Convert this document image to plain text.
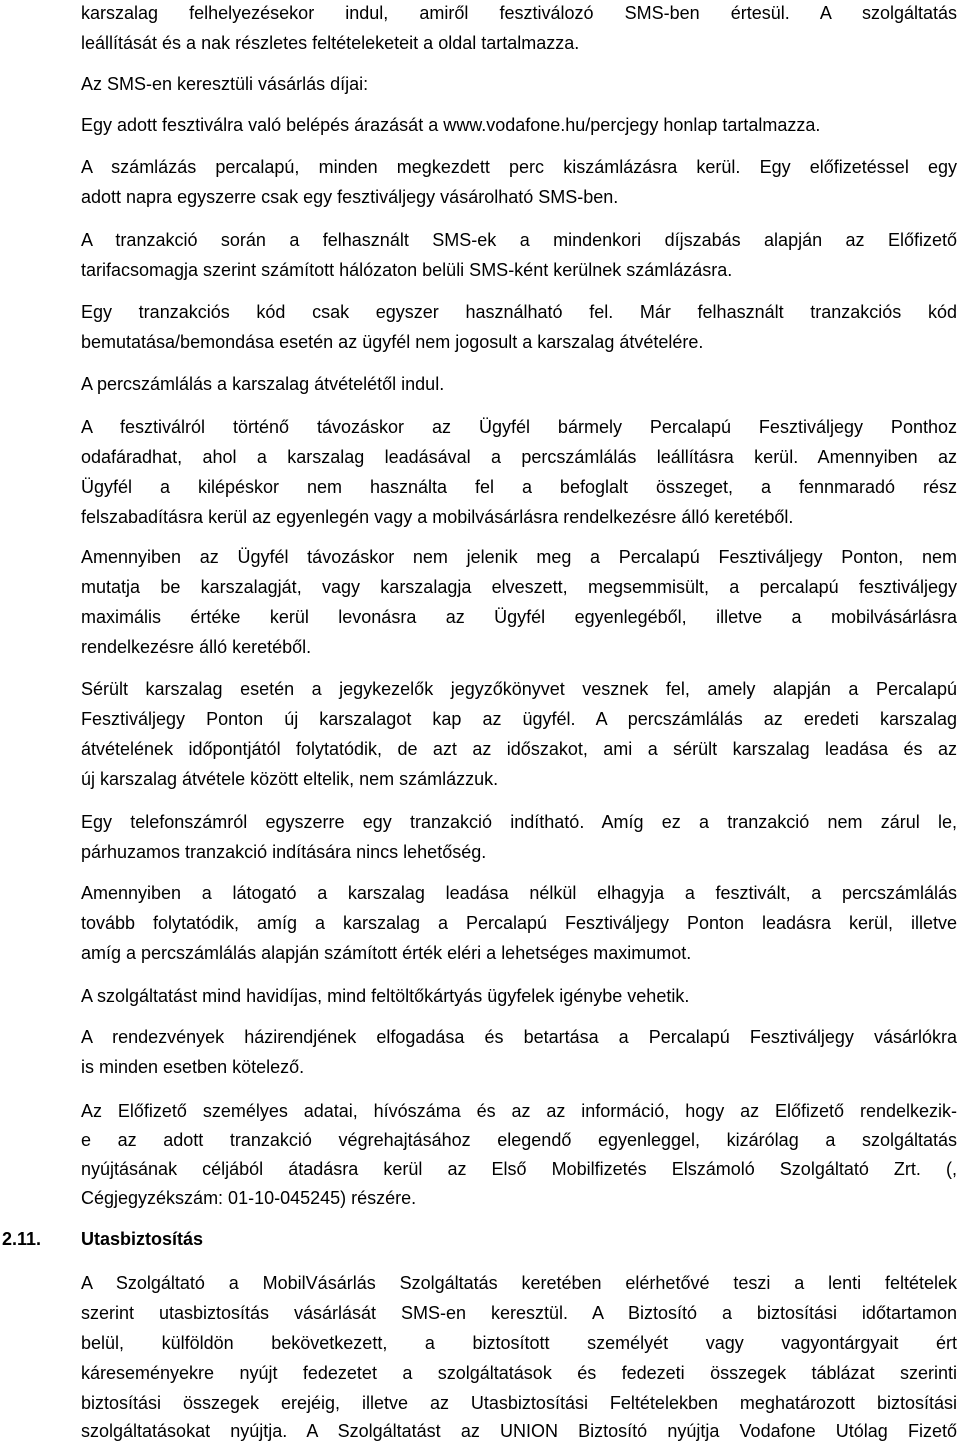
karszalag felhelyezésekor indul, amiről fesztiválozó SMS-ben értesül. A szolgáltatás
leállítását és a nak részletes feltételeketeit a oldal tartalmazza.
Az SMS-en keresztüli vásárlás díjai:
Egy adott fesztiválra való belépés árazását a www.vodafone.hu/percjegy honlap tartalmazza.
A számlázás percalapú, minden megkezdett perc kiszámlázásra kerül. Egy előfizetéssel egy
adott napra egyszerre csak egy fesztiváljegy vásárolható SMS-ben.
A tranzakció során a felhasznált SMS-ek a mindenkori díjszabás alapján az Előfizető
tarifacsomagja szerint számított hálózaton belüli SMS-ként kerülnek számlázásra.
Egy tranzakciós kód csak egyszer használható fel. Már felhasznált tranzakciós kód
bemutatása/bemondása esetén az ügyfél nem jogosult a karszalag átvételére.
A percszámlálás a karszalag átvételétől indul.
A fesztiválról történő távozáskor az Ügyfél bármely Percalapú Fesztiváljegy Ponthoz
odafáradhat, ahol a karszalag leadásával a percszámlálás leállításra kerül. Amennyiben az
Ügyfél a kilépéskor nem használta fel a befoglalt összeget, a fennmaradó rész
felszabadításra kerül az egyenlegén vagy a mobilvásárlásra rendelkezésre álló keretéből.
Amennyiben az Ügyfél távozáskor nem jelenik meg a Percalapú Fesztiváljegy Ponton, nem
mutatja be karszalagját, vagy karszalagja elveszett, megsemmisült, a percalapú fesztiváljegy
maximális értéke kerül levonásra az Ügyfél egyenlegéből, illetve a mobilvásárlásra
rendelkezésre álló keretéből.
Sérült karszalag esetén a jegykezelők jegyzőkönyvet vesznek fel, amely alapján a Percalapú
Fesztiváljegy Ponton új karszalagot kap az ügyfél. A percszámlálás az eredeti karszalag
átvételének időpontjától folytatódik, de azt az időszakot, ami a sérült karszalag leadása és az
új karszalag átvétele között eltelik, nem számlázzuk.
Egy telefonszámról egyszerre egy tranzakció indítható. Amíg ez a tranzakció nem zárul le,
párhuzamos tranzakció indítására nincs lehetőség.
Amennyiben a látogató a karszalag leadása nélkül elhagyja a fesztivált, a percszámlálás
tovább folytatódik, amíg a karszalag a Percalapú Fesztiváljegy Ponton leadásra kerül, illetve
amíg a percszámlálás alapján számított érték eléri a lehetséges maximumot.
A szolgáltatást mind havidíjas, mind feltöltőkártyás ügyfelek igénybe vehetik.
A rendezvények házirendjének elfogadása és betartása a Percalapú Fesztiváljegy vásárlókra
is minden esetben kötelező.
Az Előfizető személyes adatai, hívószáma és az az információ, hogy az Előfizető rendelkezik-
e az adott tranzakció végrehajtásához elegendő egyenleggel, kizárólag a szolgáltatás
nyújtásának céljából átadásra kerül az Első Mobilfizetés Elszámoló Szolgáltató Zrt. (,
Cégjegyzékszám: 01-10-045245) részére.
2.11. Utasbiztosítás
A Szolgáltató a MobilVásárlás Szolgáltatás keretében elérhetővé teszi a lenti feltételek
szerint utasbiztosítás vásárlását SMS-en keresztül. A Biztosító a biztosítási időtartamon
belül, külföldön bekövetkezett, a biztosított személyét vagy vagyontárgyait ért
káreseményekre nyújt fedezetet a szolgáltatások és fedezeti összegek táblázat szerinti
biztosítási összegek erejéig, illetve az Utasbiztosítási Feltételekben meghatározott biztosítási
szolgáltatásokat nyújtja. A Szolgáltatást az UNION Biztosító nyújtja Vodafone Utólag Fizető
